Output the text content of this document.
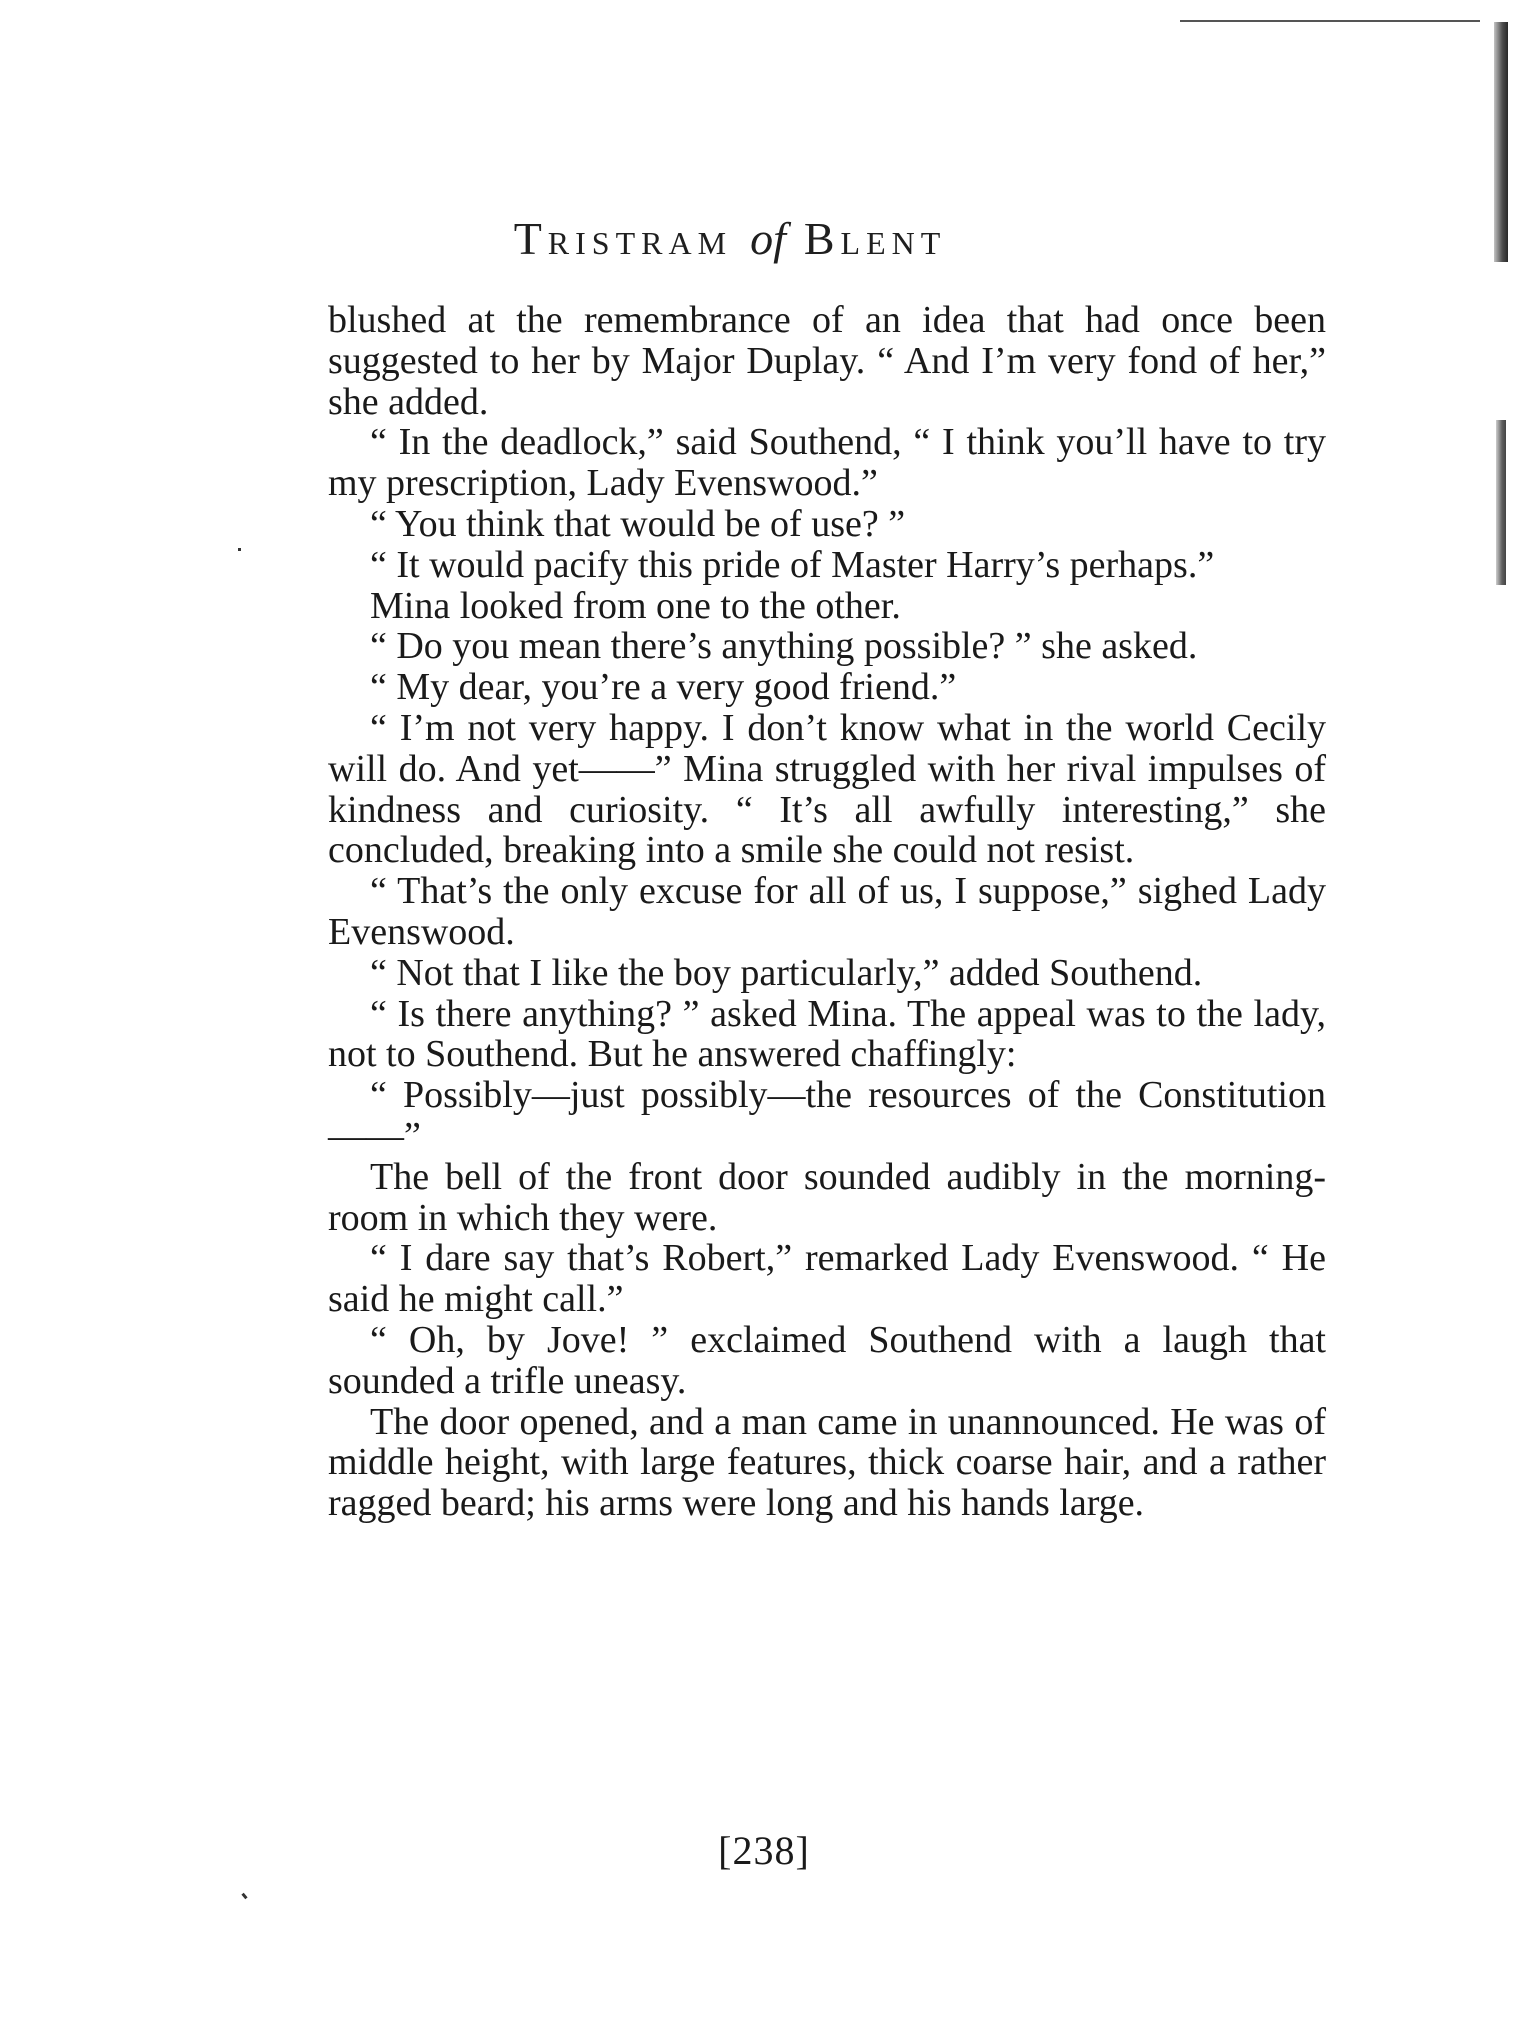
Tristram of Blent

blushed at the remembrance of an idea that had once been suggested to her by Major Duplay. “ And I’m very fond of her,” she added.

“ In the deadlock,” said Southend, “ I think you’ll have to try my prescription, Lady Evenswood.”

“ You think that would be of use? ”

“ It would pacify this pride of Master Harry’s perhaps.”

Mina looked from one to the other.

“ Do you mean there’s anything possible? ” she asked.

“ My dear, you’re a very good friend.”

“ I’m not very happy. I don’t know what in the world Cecily will do. And yet——” Mina struggled with her rival impulses of kindness and curiosity. “ It’s all awfully interesting,” she concluded, breaking into a smile she could not resist.

“ That’s the only excuse for all of us, I suppose,” sighed Lady Evenswood.

“ Not that I like the boy particularly,” added Southend.

“ Is there anything? ” asked Mina. The appeal was to the lady, not to Southend. But he answered chaffingly:

“ Possibly—just possibly—the resources of the Constitution——”

The bell of the front door sounded audibly in the morning-room in which they were.

“ I dare say that’s Robert,” remarked Lady Evenswood. “ He said he might call.”

“ Oh, by Jove! ” exclaimed Southend with a laugh that sounded a trifle uneasy.

The door opened, and a man came in unannounced. He was of middle height, with large features, thick coarse hair, and a rather ragged beard; his arms were long and his hands large.

[238]
